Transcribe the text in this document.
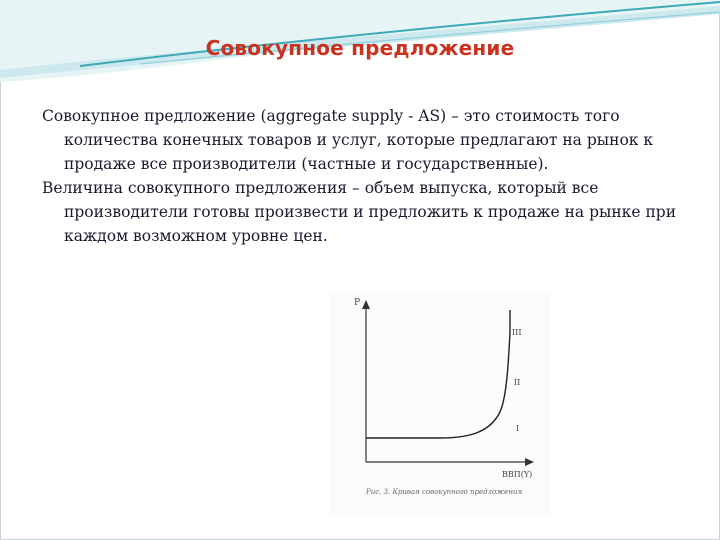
Совокупное предложение

Совокупное предложение (aggregate supply - AS) – это стоимость того количества конечных товаров и услуг, которые предлагают на рынок к продаже все производители (частные и государственные).

Величина совокупного предложения – объем выпуска, который все производители готовы произвести и предложить к продаже на рынке при каждом возможном уровне цен.

P
ВВП(Y)
I
II
III
Рис. 3. Кривая совокупного предложения
